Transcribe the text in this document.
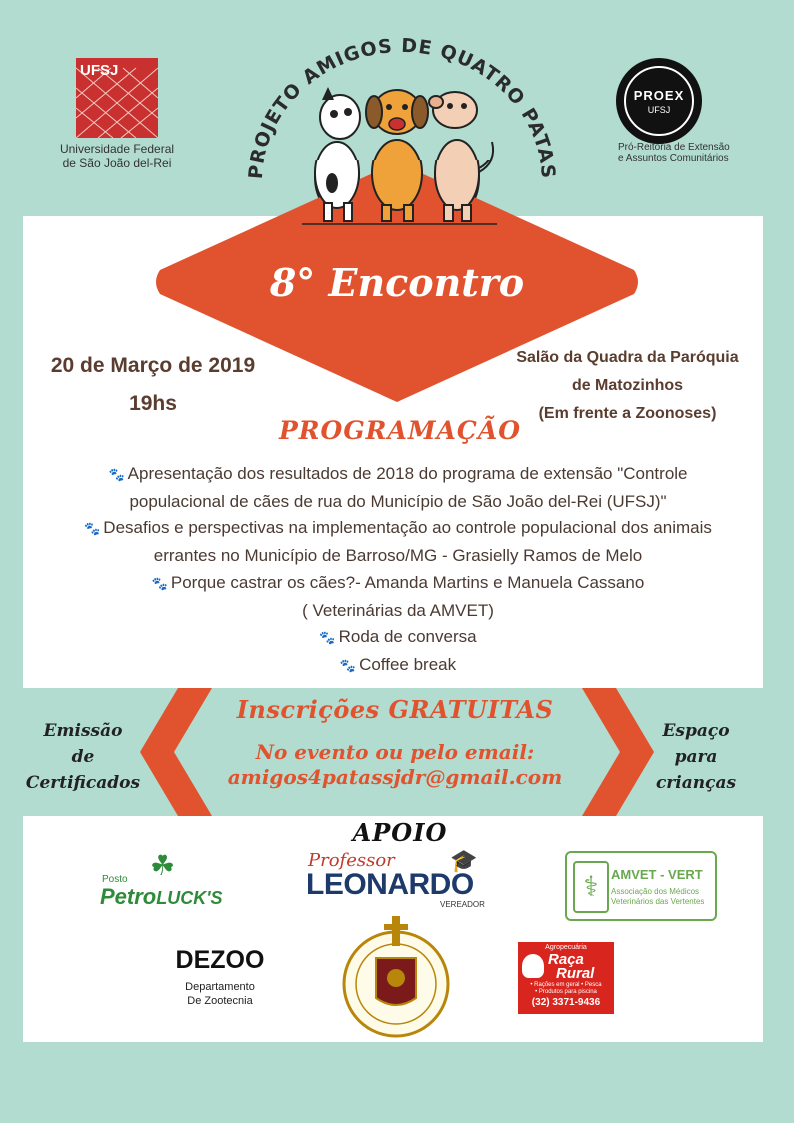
UFSJ
Universidade Federal
de São João del-Rei
PROJETO AMIGOS DE QUATRO PATAS
PROEX
UFSJ
Pró-Reitoria de Extensão
e Assuntos Comunitários
8° Encontro
20 de Março de 2019
19hs
Salão da Quadra da Paróquia
de Matozinhos
(Em frente a Zoonoses)
PROGRAMAÇÃO
🐾 Apresentação dos resultados de 2018 do programa de extensão "Controle
populacional de cães de rua do Município de São João del-Rei (UFSJ)"
🐾 Desafios e perspectivas na implementação ao controle populacional dos animais
errantes no Município de Barroso/MG - Grasielly Ramos de Melo
🐾 Porque castrar os cães?- Amanda Martins e Manuela Cassano
( Veterinárias da AMVET)
🐾 Roda de conversa
🐾 Coffee break
Emissão
de
Certificados
Espaço
para
crianças
Inscrições GRATUITAS
No evento ou pelo email:
amigos4patassjdr@gmail.com
APOIO
☘
Posto
PetroLUCK'S
Professor	🎓
LEONARDO
VEREADOR
⚕ AMVET - VERT
Associação dos Médicos
Veterinários das Vertentes
DEZOO
Departamento
De Zootecnia
Agropecuária
Raça
Rural
• Rações em geral • Pesca
• Produtos para piscina
(32) 3371-9436
